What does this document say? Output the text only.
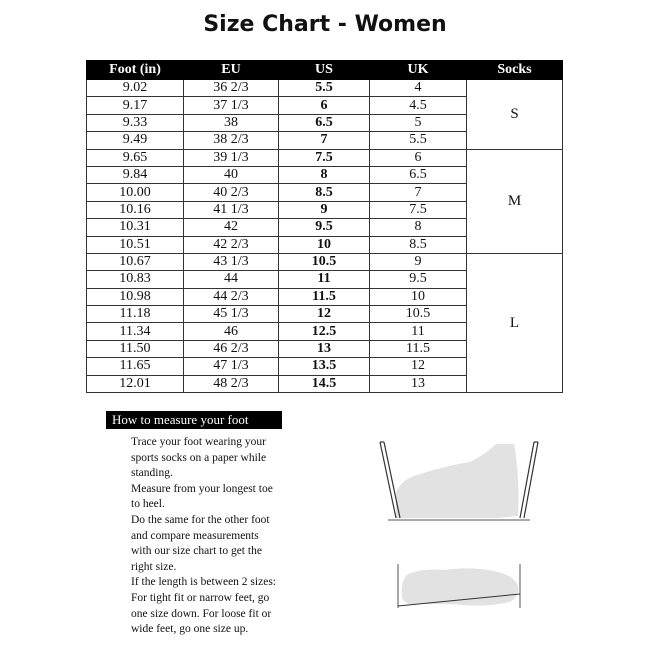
Size Chart - Women
Foot (in)	EU	US	UK	Socks
9.02	36 2/3	5.5	4	S
9.17	37 1/3	6	4.5	
9.33	38	6.5	5	
9.49	38 2/3	7	5.5	
9.65	39 1/3	7.5	6	M
9.84	40	8	6.5	
10.00	40 2/3	8.5	7	
10.16	41 1/3	9	7.5	
10.31	42	9.5	8	
10.51	42 2/3	10	8.5	
10.67	43 1/3	10.5	9	L
10.83	44	11	9.5	
10.98	44 2/3	11.5	10	
11.18	45 1/3	12	10.5	
11.34	46	12.5	11	
11.50	46 2/3	13	11.5	
11.65	47 1/3	13.5	12	
12.01	48 2/3	14.5	13	
How to measure your foot
Trace your foot wearing your
sports socks on a paper while
standing.
Measure from your longest toe
to heel.
Do the same for the other foot
and compare measurements
with our size chart to get the
right size.
If the length is between 2 sizes:
For tight fit or narrow feet, go
one size down. For loose fit or
wide feet, go one size up.
